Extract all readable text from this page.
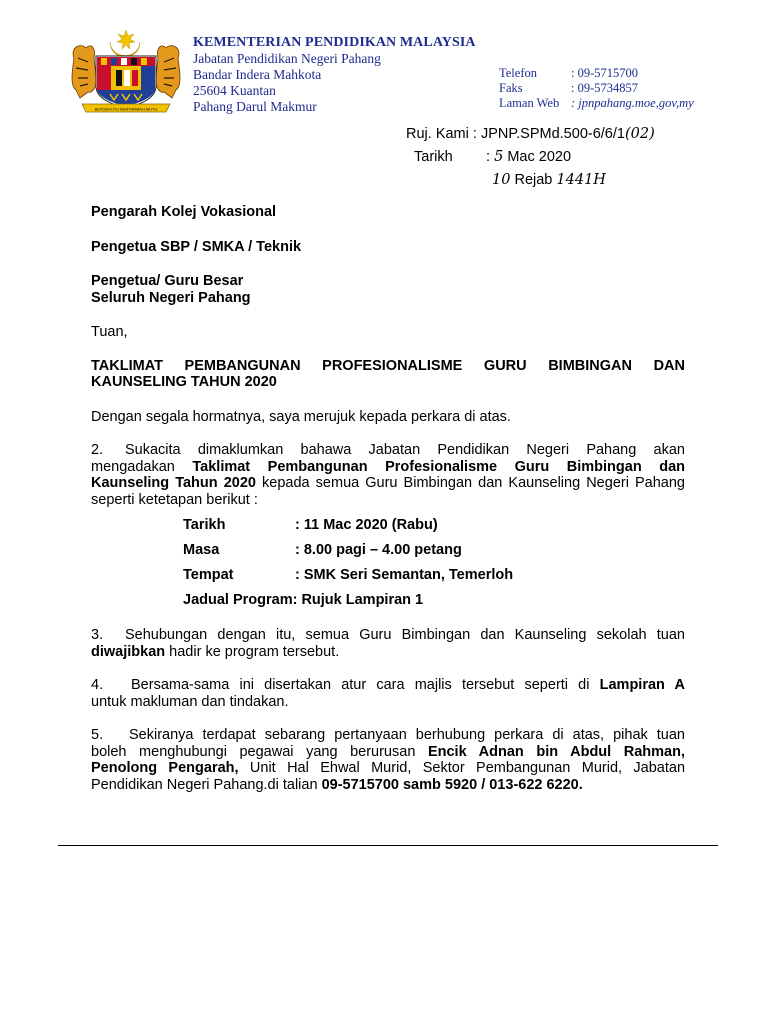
BERSEKUTU BERTAMBAH MUTU
KEMENTERIAN PENDIDIKAN MALAYSIA
Jabatan Pendidikan Negeri Pahang
Bandar Indera Mahkota
25604 Kuantan
Pahang Darul Makmur
Telefon	: 09-5715700
Faks	: 09-5734857
Laman Web : jpnpahang.moe,gov,my
Ruj. Kami : JPNP.SPMd.500-6/6/1(02)
Tarikh : 5 Mac 2020
10 Rejab 1441H

Pengarah Kolej Vokasional

Pengetua SBP / SMKA / Teknik

Pengetua/ Guru Besar

Seluruh Negeri Pahang

Tuan,

TAKLIMAT PEMBANGUNAN PROFESIONALISME GURU BIMBINGAN DAN

KAUNSELING TAHUN 2020

Dengan segala hormatnya, saya merujuk kepada perkara di atas.

2. Sukacita dimaklumkan bahawa Jabatan Pendidikan Negeri Pahang akan

mengadakan Taklimat Pembangunan Profesionalisme Guru Bimbingan dan

Kaunseling Tahun 2020 kepada semua Guru Bimbingan dan Kaunseling Negeri Pahang

seperti ketetapan berikut :

Tarikh	: 11 Mac 2020 (Rabu)
Masa	: 8.00 pagi – 4.00 petang
Tempat	: SMK Seri Semantan, Temerloh
Jadual Program: Rujuk Lampiran 1

3. Sehubungan dengan itu, semua Guru Bimbingan dan Kaunseling sekolah tuan

diwajibkan hadir ke program tersebut.

4. Bersama-sama ini disertakan atur cara majlis tersebut seperti di Lampiran A

untuk makluman dan tindakan.

5. Sekiranya terdapat sebarang pertanyaan berhubung perkara di atas, pihak tuan

boleh menghubungi pegawai yang berurusan Encik Adnan bin Abdul Rahman,

Penolong Pengarah, Unit Hal Ehwal Murid, Sektor Pembangunan Murid, Jabatan

Pendidikan Negeri Pahang.di talian 09-5715700 samb 5920 / 013-622 6220.
